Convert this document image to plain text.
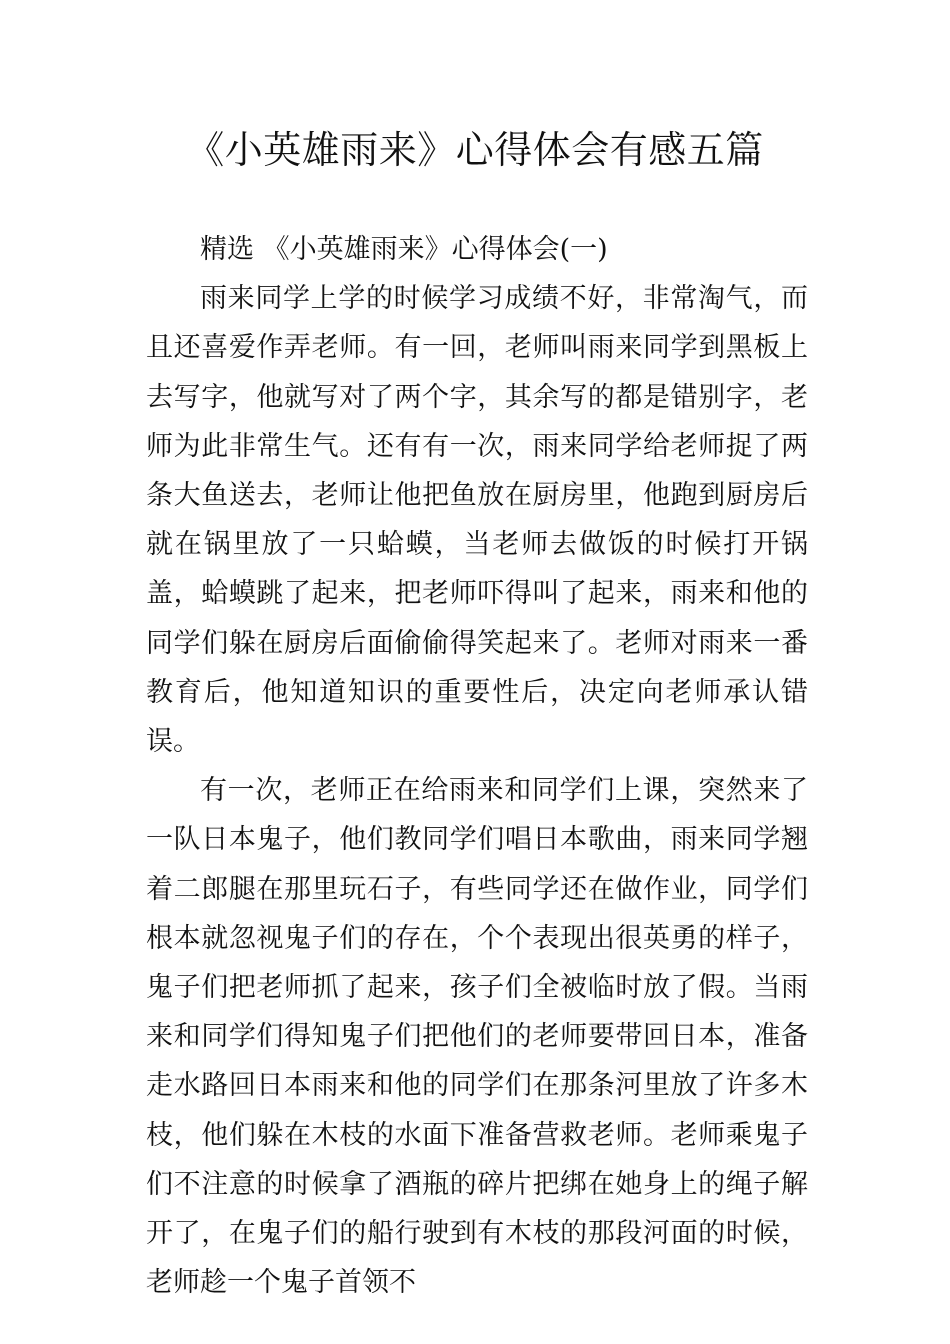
《小英雄雨来》心得体会有感五篇

精选 《小英雄雨来》心得体会(一)

雨来同学上学的时候学习成绩不好，非常淘气，而且还喜爱作弄老师。有一回，老师叫雨来同学到黑板上去写字，他就写对了两个字，其余写的都是错别字，老师为此非常生气。还有有一次，雨来同学给老师捉了两条大鱼送去，老师让他把鱼放在厨房里，他跑到厨房后就在锅里放了一只蛤蟆，当老师去做饭的时候打开锅盖，蛤蟆跳了起来，把老师吓得叫了起来，雨来和他的同学们躲在厨房后面偷偷得笑起来了。老师对雨来一番教育后，他知道知识的重要性后，决定向老师承认错误。

有一次，老师正在给雨来和同学们上课，突然来了一队日本鬼子，他们教同学们唱日本歌曲，雨来同学翘着二郎腿在那里玩石子，有些同学还在做作业，同学们根本就忽视鬼子们的存在，个个表现出很英勇的样子，鬼子们把老师抓了起来，孩子们全被临时放了假。当雨来和同学们得知鬼子们把他们的老师要带回日本，准备走水路回日本雨来和他的同学们在那条河里放了许多木枝，他们躲在木枝的水面下准备营救老师。老师乘鬼子们不注意的时候拿了酒瓶的碎片把绑在她身上的绳子解开了，在鬼子们的船行驶到有木枝的那段河面的时候，老师趁一个鬼子首领不
